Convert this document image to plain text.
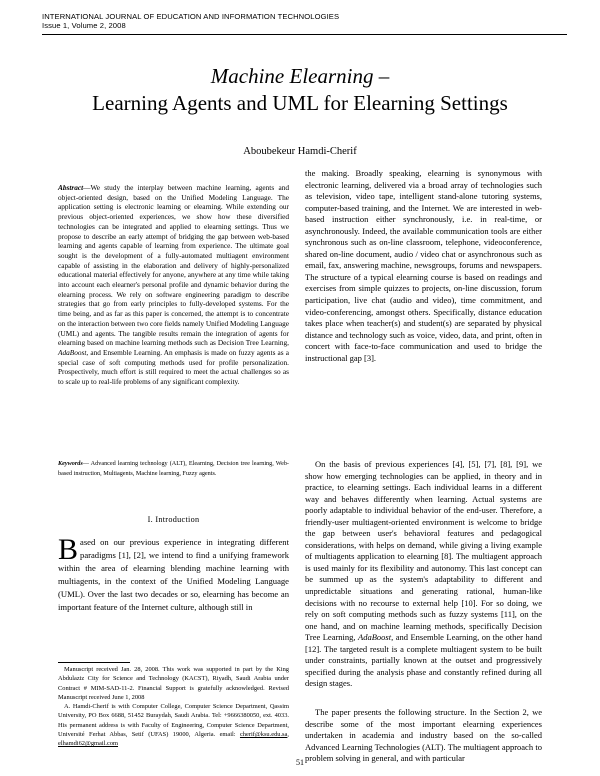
INTERNATIONAL JOURNAL OF EDUCATION AND INFORMATION TECHNOLOGIES
Issue 1, Volume 2, 2008
Machine Elearning –
Learning Agents and UML for Elearning Settings
Aboubekeur Hamdi-Cherif
Abstract—We study the interplay between machine learning, agents and object-oriented design, based on the Unified Modeling Language. The application setting is electronic learning or elearning. While extending our previous object-oriented experiences, we show how these diversified technologies can be integrated and applied to elearning settings. Thus we propose to describe an early attempt of bridging the gap between web-based learning and agents capable of learning from experience. The ultimate goal sought is the development of a fully-automated multiagent environment capable of assisting in the elaboration and delivery of highly-personalized educational material effectively for anyone, anywhere at any time while taking into account each elearner's personal profile and dynamic behavior during the elearning process. We rely on software engineering paradigm to describe strategies that go from early principles to fully-developed systems. For the time being, and as far as this paper is concerned, the attempt is to concentrate on the interaction between two core fields namely Unified Modeling Language (UML) and agents. The tangible results remain the integration of agents for elearning based on machine learning methods such as Decision Tree Learning, AdaBoost, and Ensemble Learning. An emphasis is made on fuzzy agents as a special case of soft computing methods used for profile personalization. Prospectively, much effort is still required to meet the actual challenges so as to scale up to real-life problems of any significant complexity.
Keywords— Advanced learning technology (ALT), Elearning, Decision tree learning, Web-based instruction, Multiagents, Machine learning, Fuzzy agents.
I. Introduction
Based on our previous experience in integrating different paradigms [1], [2], we intend to find a unifying framework within the area of elearning blending machine learning with multiagents, in the context of the Unified Modeling Language (UML). Over the last two decades or so, elearning has become an important feature of the Internet culture, although still in

Manuscript received Jan. 28, 2008. This work was supported in part by the King Abdulaziz City for Science and Technology (KACST), Riyadh, Saudi Arabia under Contract # MIM-SAD-11-2. Financial Support is gratefully acknowledged. Revised Manuscript received June 1, 2008

A. Hamdi-Cherif is with Computer College, Computer Science Department, Qassim University, PO Box 6688, 51452 Buraydah, Saudi Arabia. Tel: +9666380050, ext. 4033. His permanent address is with Faculty of Engineering, Computer Science Department, Université Ferhat Abbas, Setif (UFAS) 19000, Algeria. email: cherif@ksu.edu.sa, elhamdi62@gmail.com

the making. Broadly speaking, elearning is synonymous with electronic learning, delivered via a broad array of technologies such as television, video tape, intelligent stand-alone tutoring systems, computer-based training, and the Internet. We are interested in web-based instruction either synchronously, i.e. in real-time, or asynchronously. Indeed, the available communication tools are either synchronous such as on-line classroom, telephone, videoconference, shared on-line document, audio / video chat or asynchronous such as email, fax, answering machine, newsgroups, forums and newspapers. The structure of a typical elearning course is based on readings and exercises from simple quizzes to projects, on-line discussion, forum participation, live chat (audio and video), time commitment, and video-conferencing, amongst others. Specifically, distance education takes place when teacher(s) and student(s) are separated by physical distance and technology such as voice, video, data, and print, often in concert with face-to-face communication and used to bridge the instructional gap [3].

On the basis of previous experiences [4], [5], [7], [8], [9], we show how emerging technologies can be applied, in theory and in practice, to elearning settings. Each individual learns in a different way and behaves differently when learning. Actual systems are poorly adaptable to individual behavior of the end-user. Therefore, a friendly-user multiagent-oriented environment is welcome to bridge the gap between user's behavioral features and pedagogical considerations, with helps on demand, while giving a living example of multiagents application to elearning [8]. The multiagent approach is used mainly for its flexibility and autonomy. This last concept can be summed up as the system's adaptability to different and unpredictable situations and generating rational, human-like decisions with no recourse to external help [10]. For so doing, we rely on soft computing methods such as fuzzy systems [11], on the one hand, and on machine learning methods, specifically Decision Tree Learning, AdaBoost, and Ensemble Learning, on the other hand [12]. The targeted result is a complete multiagent system to be built under constraints, partially known at the outset and progressively specified during the analysis phase and constantly refined during all design stages.

The paper presents the following structure. In the Section 2, we describe some of the most important elearning experiences undertaken in academia and industry based on the so-called Advanced Learning Technologies (ALT). The multiagent approach to problem solving in general, and with particular

51
